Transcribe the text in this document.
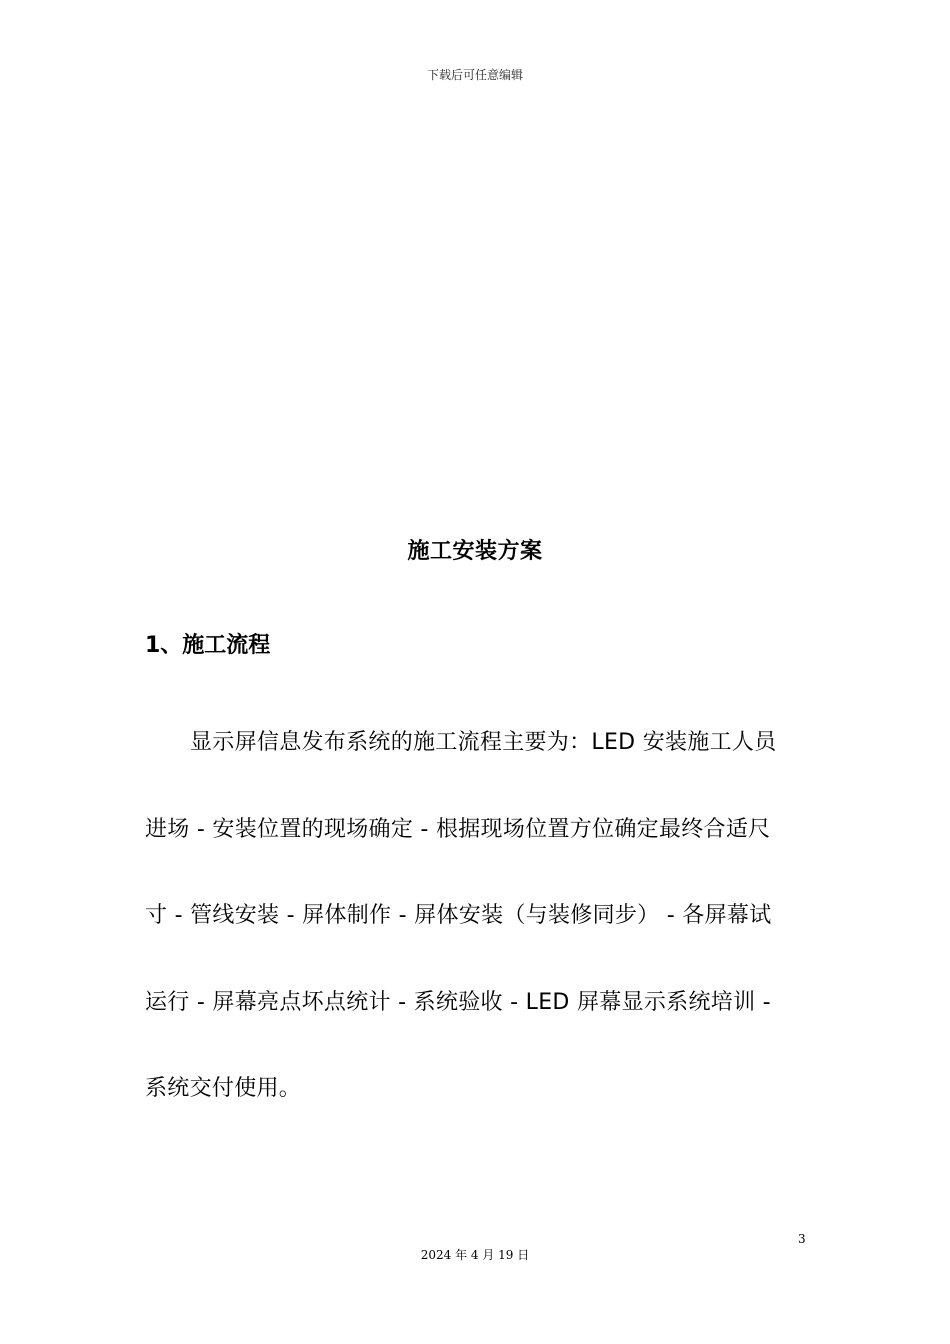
下载后可任意编辑
施工安装方案
1、施工流程
显示屏信息发布系统的施工流程主要为：LED 安装施工人员
进场 - 安装位置的现场确定 - 根据现场位置方位确定最终合适尺
寸 - 管线安装 - 屏体制作 - 屏体安装（与装修同步） - 各屏幕试
运行 - 屏幕亮点坏点统计 - 系统验收 - LED 屏幕显示系统培训 -
系统交付使用。
3
2024 年 4 月 19 日
